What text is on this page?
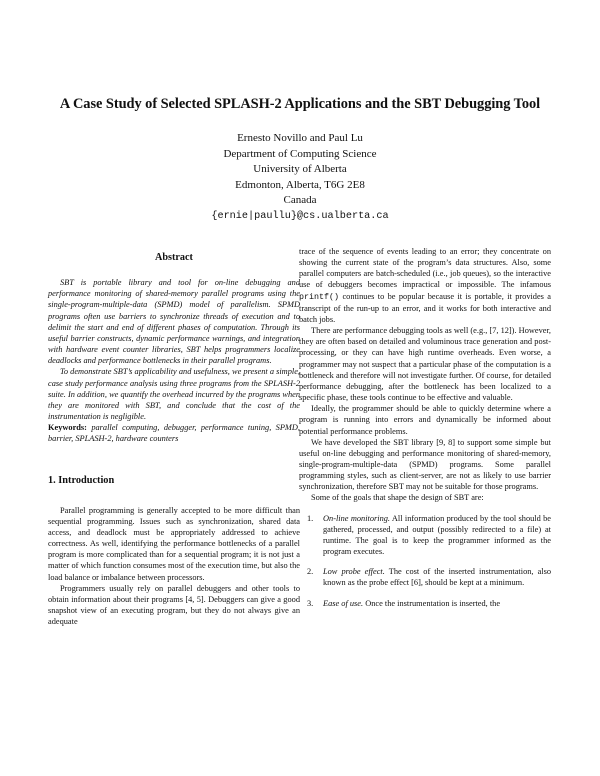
A Case Study of Selected SPLASH-2 Applications and the SBT Debugging Tool
Ernesto Novillo and Paul Lu
Department of Computing Science
University of Alberta
Edmonton, Alberta, T6G 2E8
Canada
{ernie|paullu}@cs.ualberta.ca

Abstract

SBT is portable library and tool for on-line debugging and performance monitoring of shared-memory parallel programs using the single-program-multiple-data (SPMD) model of parallelism. SPMD programs often use barriers to synchronize threads of execution and to delimit the start and end of different phases of computation. Through its useful barrier constructs, dynamic performance warnings, and integration with hardware event counter libraries, SBT helps programmers localize deadlocks and performance bottlenecks in their parallel programs.

To demonstrate SBT’s applicability and usefulness, we present a simple, case study performance analysis using three programs from the SPLASH-2 suite. In addition, we quantify the overhead incurred by the programs when they are monitored with SBT, and conclude that the cost of the instrumentation is negligible.

Keywords: parallel computing, debugger, performance tuning, SPMD, barrier, SPLASH-2, hardware counters

1. Introduction

Parallel programming is generally accepted to be more difficult than sequential programming. Issues such as synchronization, shared data access, and deadlock must be appropriately addressed to achieve correctness. As well, identifying the performance bottlenecks of a parallel program is more complicated than for a sequential program; it is not just a matter of which function consumes most of the execution time, but also the load balance or imbalance between processors.

Programmers usually rely on parallel debuggers and other tools to obtain information about their programs [4, 5]. Debuggers can give a good snapshot view of an executing program, but they do not always give an adequate

trace of the sequence of events leading to an error; they concentrate on showing the current state of the program’s data structures. Also, some parallel computers are batch-scheduled (i.e., job queues), so the interactive use of debuggers becomes impractical or impossible. The infamous printf() continues to be popular because it is portable, it provides a transcript of the run-up to an error, and it works for both interactive and batch jobs.

There are performance debugging tools as well (e.g., [7, 12]). However, they are often based on detailed and voluminous trace generation and post-processing, or they can have high runtime overheads. Even worse, a programmer may not suspect that a particular phase of the computation is a bottleneck and therefore will not investigate further. Of course, for detailed performance debugging, after the bottleneck has been localized to a specific phase, these tools continue to be effective and valuable.

Ideally, the programmer should be able to quickly determine where a program is running into errors and dynamically be informed about potential performance problems.

We have developed the SBT library [9, 8] to support some simple but useful on-line debugging and performance monitoring of shared-memory, single-program-multiple-data (SPMD) programs. Some parallel programming styles, such as client-server, are not as likely to use barrier synchronization, therefore SBT may not be suitable for those programs.

Some of the goals that shape the design of SBT are:

1. On-line monitoring. All information produced by the tool should be gathered, processed, and output (possibly redirected to a file) at runtime. The goal is to keep the programmer informed as the program executes.
2. Low probe effect. The cost of the inserted instrumentation, also known as the probe effect [6], should be kept at a minimum.
3. Ease of use. Once the instrumentation is inserted, the
